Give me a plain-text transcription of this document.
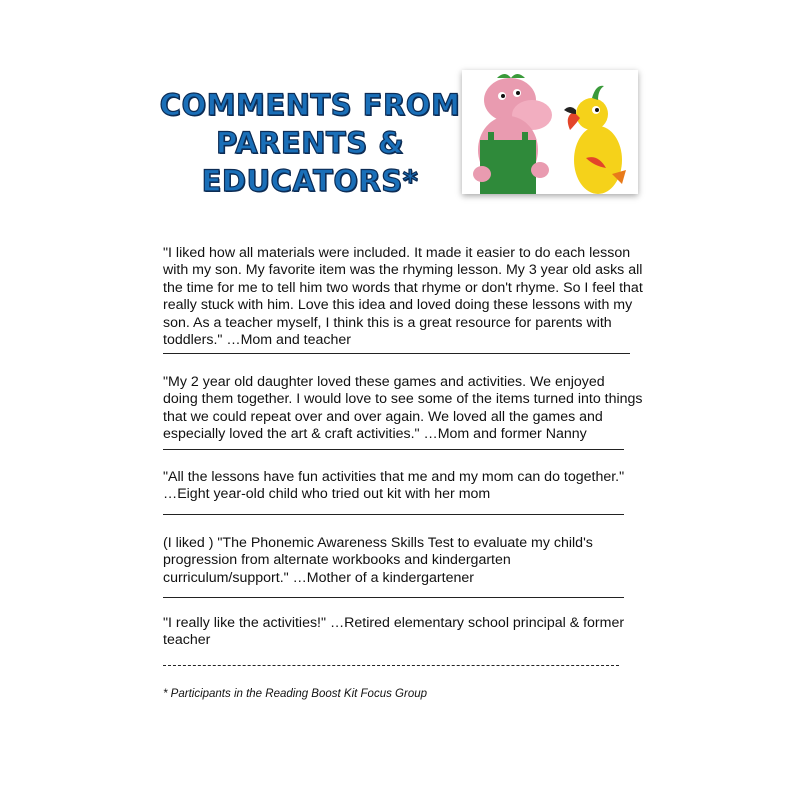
COMMENTS FROM
PARENTS &
EDUCATORS*
"I liked how all materials were included. It made it easier to do each lesson with my son. My favorite item was the rhyming lesson. My 3 year old asks all the time for me to tell him two words that rhyme or don't rhyme. So I feel that really stuck with him. Love this idea and loved doing these lessons with my son. As a teacher myself, I think this is a great resource for parents with toddlers." …Mom and teacher
"My 2 year old daughter loved these games and activities. We enjoyed doing them together. I would love to see some of the items turned into things that we could repeat over and over again. We loved all the games and especially loved the art & craft activities." …Mom and former Nanny
"All the lessons have fun activities that me and my mom can do together." …Eight year-old child who tried out kit with her mom
(I liked ) "The Phonemic Awareness Skills Test to evaluate my child's progression from alternate workbooks and kindergarten curriculum/support." …Mother of a kindergartener
"I really like the activities!" …Retired elementary school principal & former teacher
* Participants in the Reading Boost Kit Focus Group
